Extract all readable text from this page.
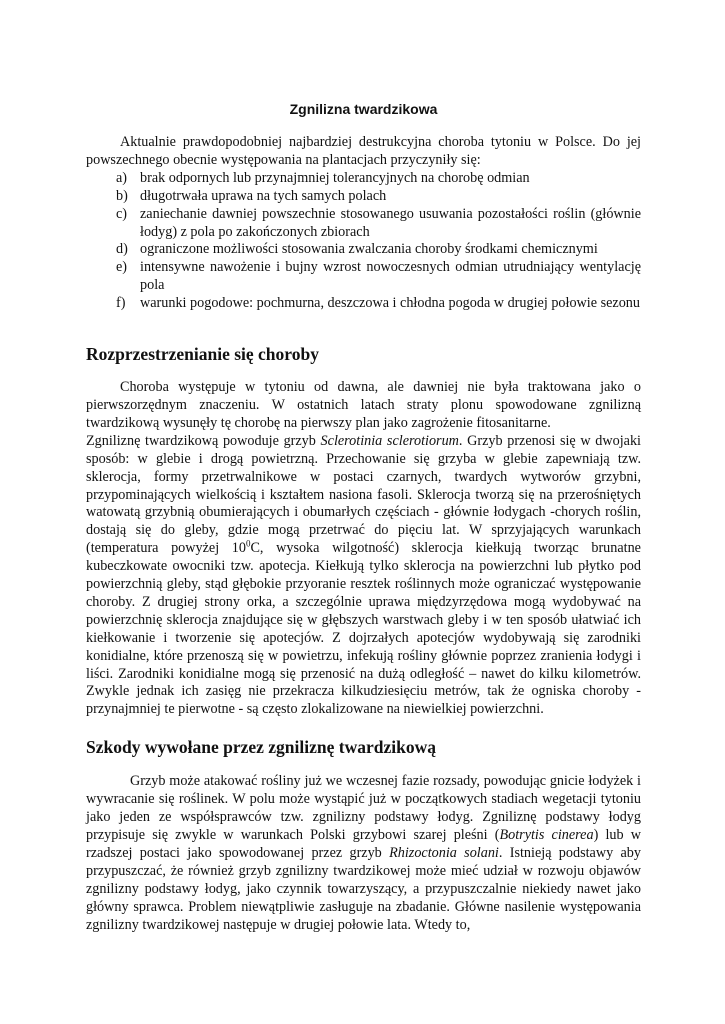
Zgnilizna twardzikowa

Aktualnie prawdopodobniej najbardziej destrukcyjna choroba tytoniu w Polsce. Do jej powszechnego obecnie występowania na plantacjach przyczyniły się:

a) brak odpornych lub przynajmniej tolerancyjnych na chorobę odmian
b) długotrwała uprawa na tych samych polach
c) zaniechanie dawniej powszechnie stosowanego usuwania pozostałości roślin (głównie łodyg) z pola po zakończonych zbiorach
d) ograniczone możliwości stosowania zwalczania choroby środkami chemicznymi
e) intensywne nawożenie i bujny wzrost nowoczesnych odmian utrudniający wentylację pola
f) warunki pogodowe: pochmurna, deszczowa i chłodna pogoda w drugiej połowie sezonu
Rozprzestrzenianie się choroby

Choroba występuje w tytoniu od dawna, ale dawniej nie była traktowana jako o pierwszorzędnym znaczeniu. W ostatnich latach straty plonu spowodowane zgnilizną twardzikową wysunęły tę chorobę na pierwszy plan jako zagrożenie fitosanitarne.

Zgniliznę twardzikową powoduje grzyb Sclerotinia sclerotiorum. Grzyb przenosi się w dwojaki sposób: w glebie i drogą powietrzną. Przechowanie się grzyba w glebie zapewniają tzw. sklerocja, formy przetrwalnikowe w postaci czarnych, twardych wytworów grzybni, przypominających wielkością i kształtem nasiona fasoli. Sklerocja tworzą się na przerośniętych watowatą grzybnią obumierających i obumarłych częściach - głównie łodygach -chorych roślin, dostają się do gleby, gdzie mogą przetrwać do pięciu lat. W sprzyjających warunkach (temperatura powyżej $10^0C$, wysoka wilgotność) sklerocja kiełkują tworząc brunatne kubeczkowate owocniki tzw. apotecja. Kiełkują tylko sklerocja na powierzchni lub płytko pod powierzchnią gleby, stąd głębokie przyoranie resztek roślinnych może ograniczać występowanie choroby. Z drugiej strony orka, a szczególnie uprawa międzyrzędowa mogą wydobywać na powierzchnię sklerocja znajdujące się w głębszych warstwach gleby i w ten sposób ułatwiać ich kiełkowanie i tworzenie się apotecjów. Z dojrzałych apotecjów wydobywają się zarodniki konidialne, które przenoszą się w powietrzu, infekują rośliny głównie poprzez zranienia łodygi i liści. Zarodniki konidialne mogą się przenosić na dużą odległość – nawet do kilku kilometrów. Zwykle jednak ich zasięg nie przekracza kilkudziesięciu metrów, tak że ogniska choroby - przynajmniej te pierwotne - są często zlokalizowane na niewielkiej powierzchni.

Szkody wywołane przez zgniliznę twardzikową

Grzyb może atakować rośliny już we wczesnej fazie rozsady, powodując gnicie łodyżek i wywracanie się roślinek. W polu może wystąpić już w początkowych stadiach wegetacji tytoniu jako jeden ze współsprawców tzw. zgnilizny podstawy łodyg. Zgniliznę podstawy łodyg przypisuje się zwykle w warunkach Polski grzybowi szarej pleśni (Botrytis cinerea) lub w rzadszej postaci jako spowodowanej przez grzyb Rhizoctonia solani. Istnieją podstawy aby przypuszczać, że również grzyb zgnilizny twardzikowej może mieć udział w rozwoju objawów zgnilizny podstawy łodyg, jako czynnik towarzyszący, a przypuszczalnie niekiedy nawet jako główny sprawca. Problem niewątpliwie zasługuje na zbadanie. Główne nasilenie występowania zgnilizny twardzikowej następuje w drugiej połowie lata. Wtedy to,
